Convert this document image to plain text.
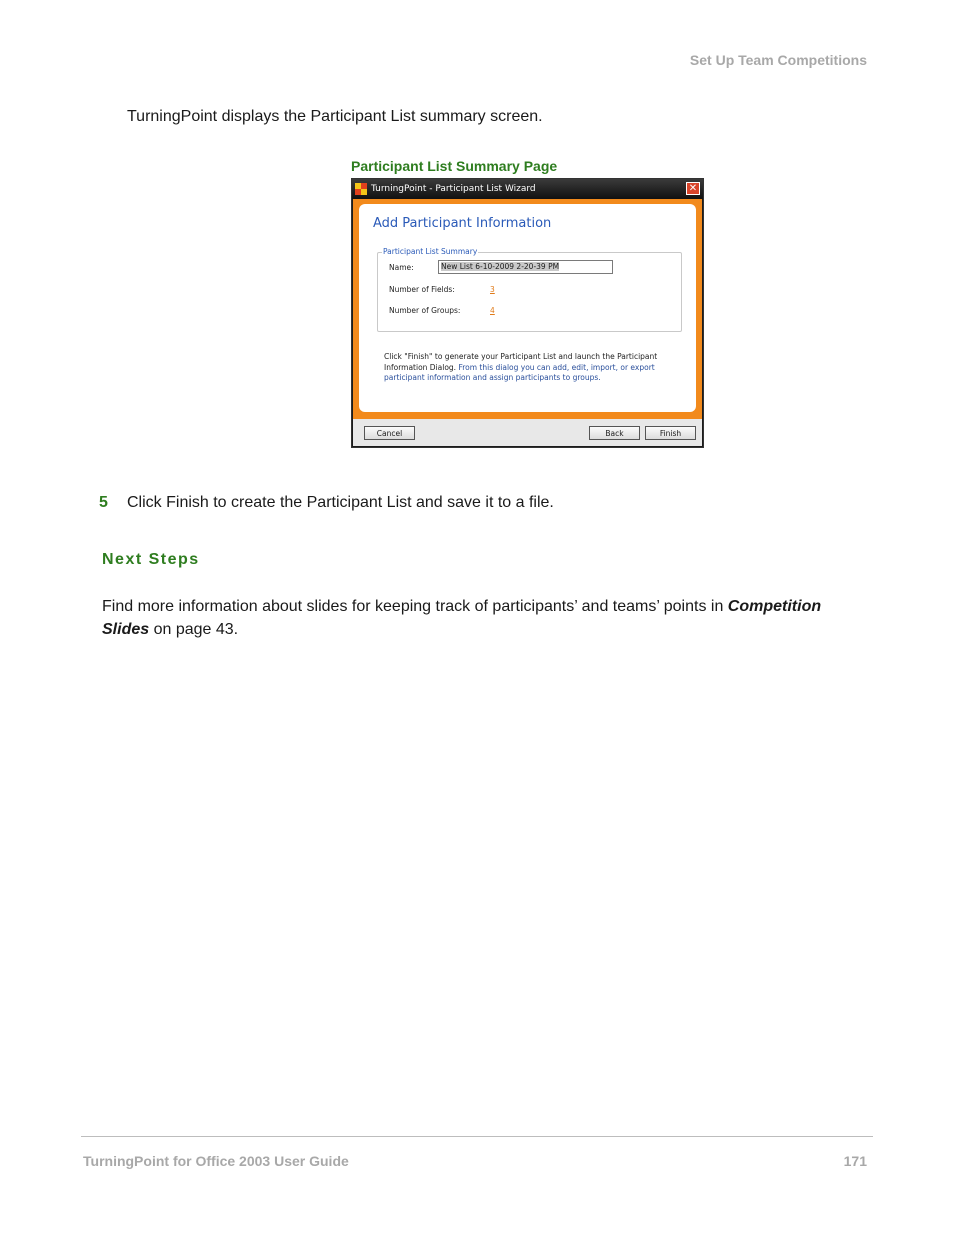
Set Up Team Competitions
TurningPoint displays the Participant List summary screen.
Participant List Summary Page
TurningPoint - Participant List Wizard	✕
Add Participant Information
Participant List Summary
Name:	New List 6-10-2009 2-20-39 PM
Number of Fields:	3
Number of Groups:	4
Click "Finish" to generate your Participant List and launch the Participant Information Dialog. From this dialog you can add, edit, import, or export participant information and assign participants to groups.
Cancel	Back	Finish
5 Click Finish to create the Participant List and save it to a file.
Next Steps
Find more information about slides for keeping track of participants’ and teams’ points in Competition Slides on page 43.
TurningPoint for Office 2003 User Guide	171
